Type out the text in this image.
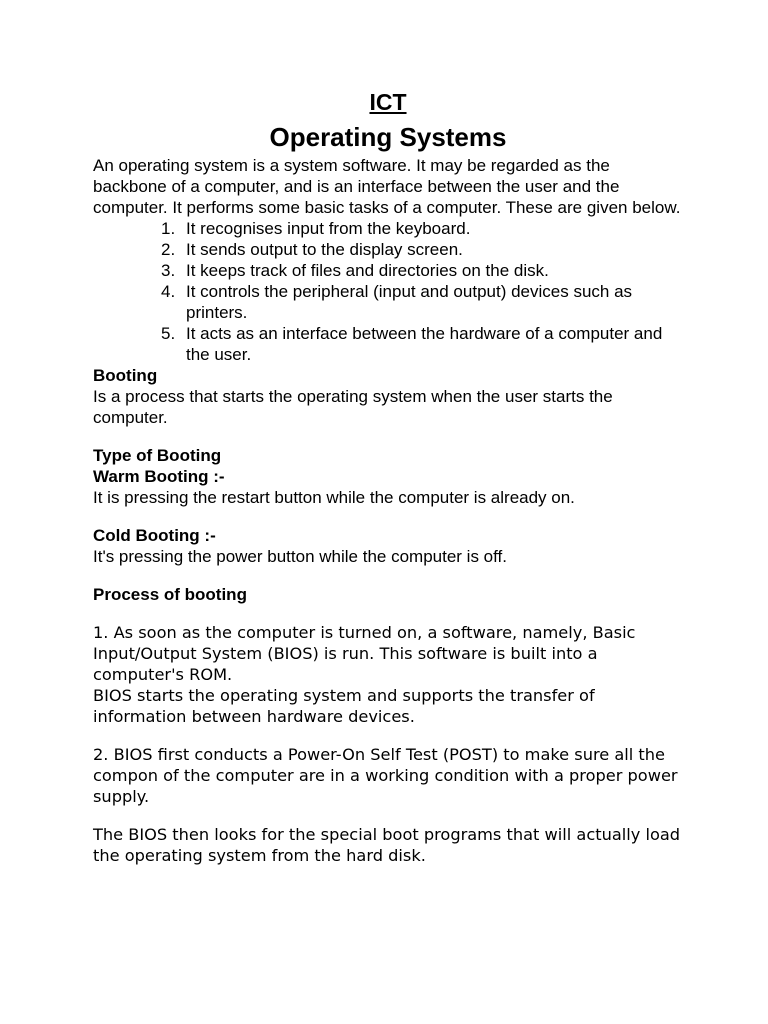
ICT
Operating Systems

An operating system is a system software. It may be regarded as the backbone of a computer, and is an interface between the user and the computer. It performs some basic tasks of a computer. These are given below.

1. It recognises input from the keyboard.
2. It sends output to the display screen.
3. It keeps track of files and directories on the disk.
4. It controls the peripheral (input and output) devices such as printers.
5. It acts as an interface between the hardware of a computer and the user.

Booting

Is a process that starts the operating system when the user starts the computer.

Type of Booting

Warm Booting :-

It is pressing the restart button while the computer is already on.

Cold Booting :-

It's pressing the power button while the computer is off.

Process of booting

1. As soon as the computer is turned on, a software, namely, Basic Input/Output System (BIOS) is run. This software is built into a computer's ROM.

BIOS starts the operating system and supports the transfer of information between hardware devices.

2. BIOS first conducts a Power-On Self Test (POST) to make sure all the compon of the computer are in a working condition with a proper power supply.

The BIOS then looks for the special boot programs that will actually load the operating system from the hard disk.
